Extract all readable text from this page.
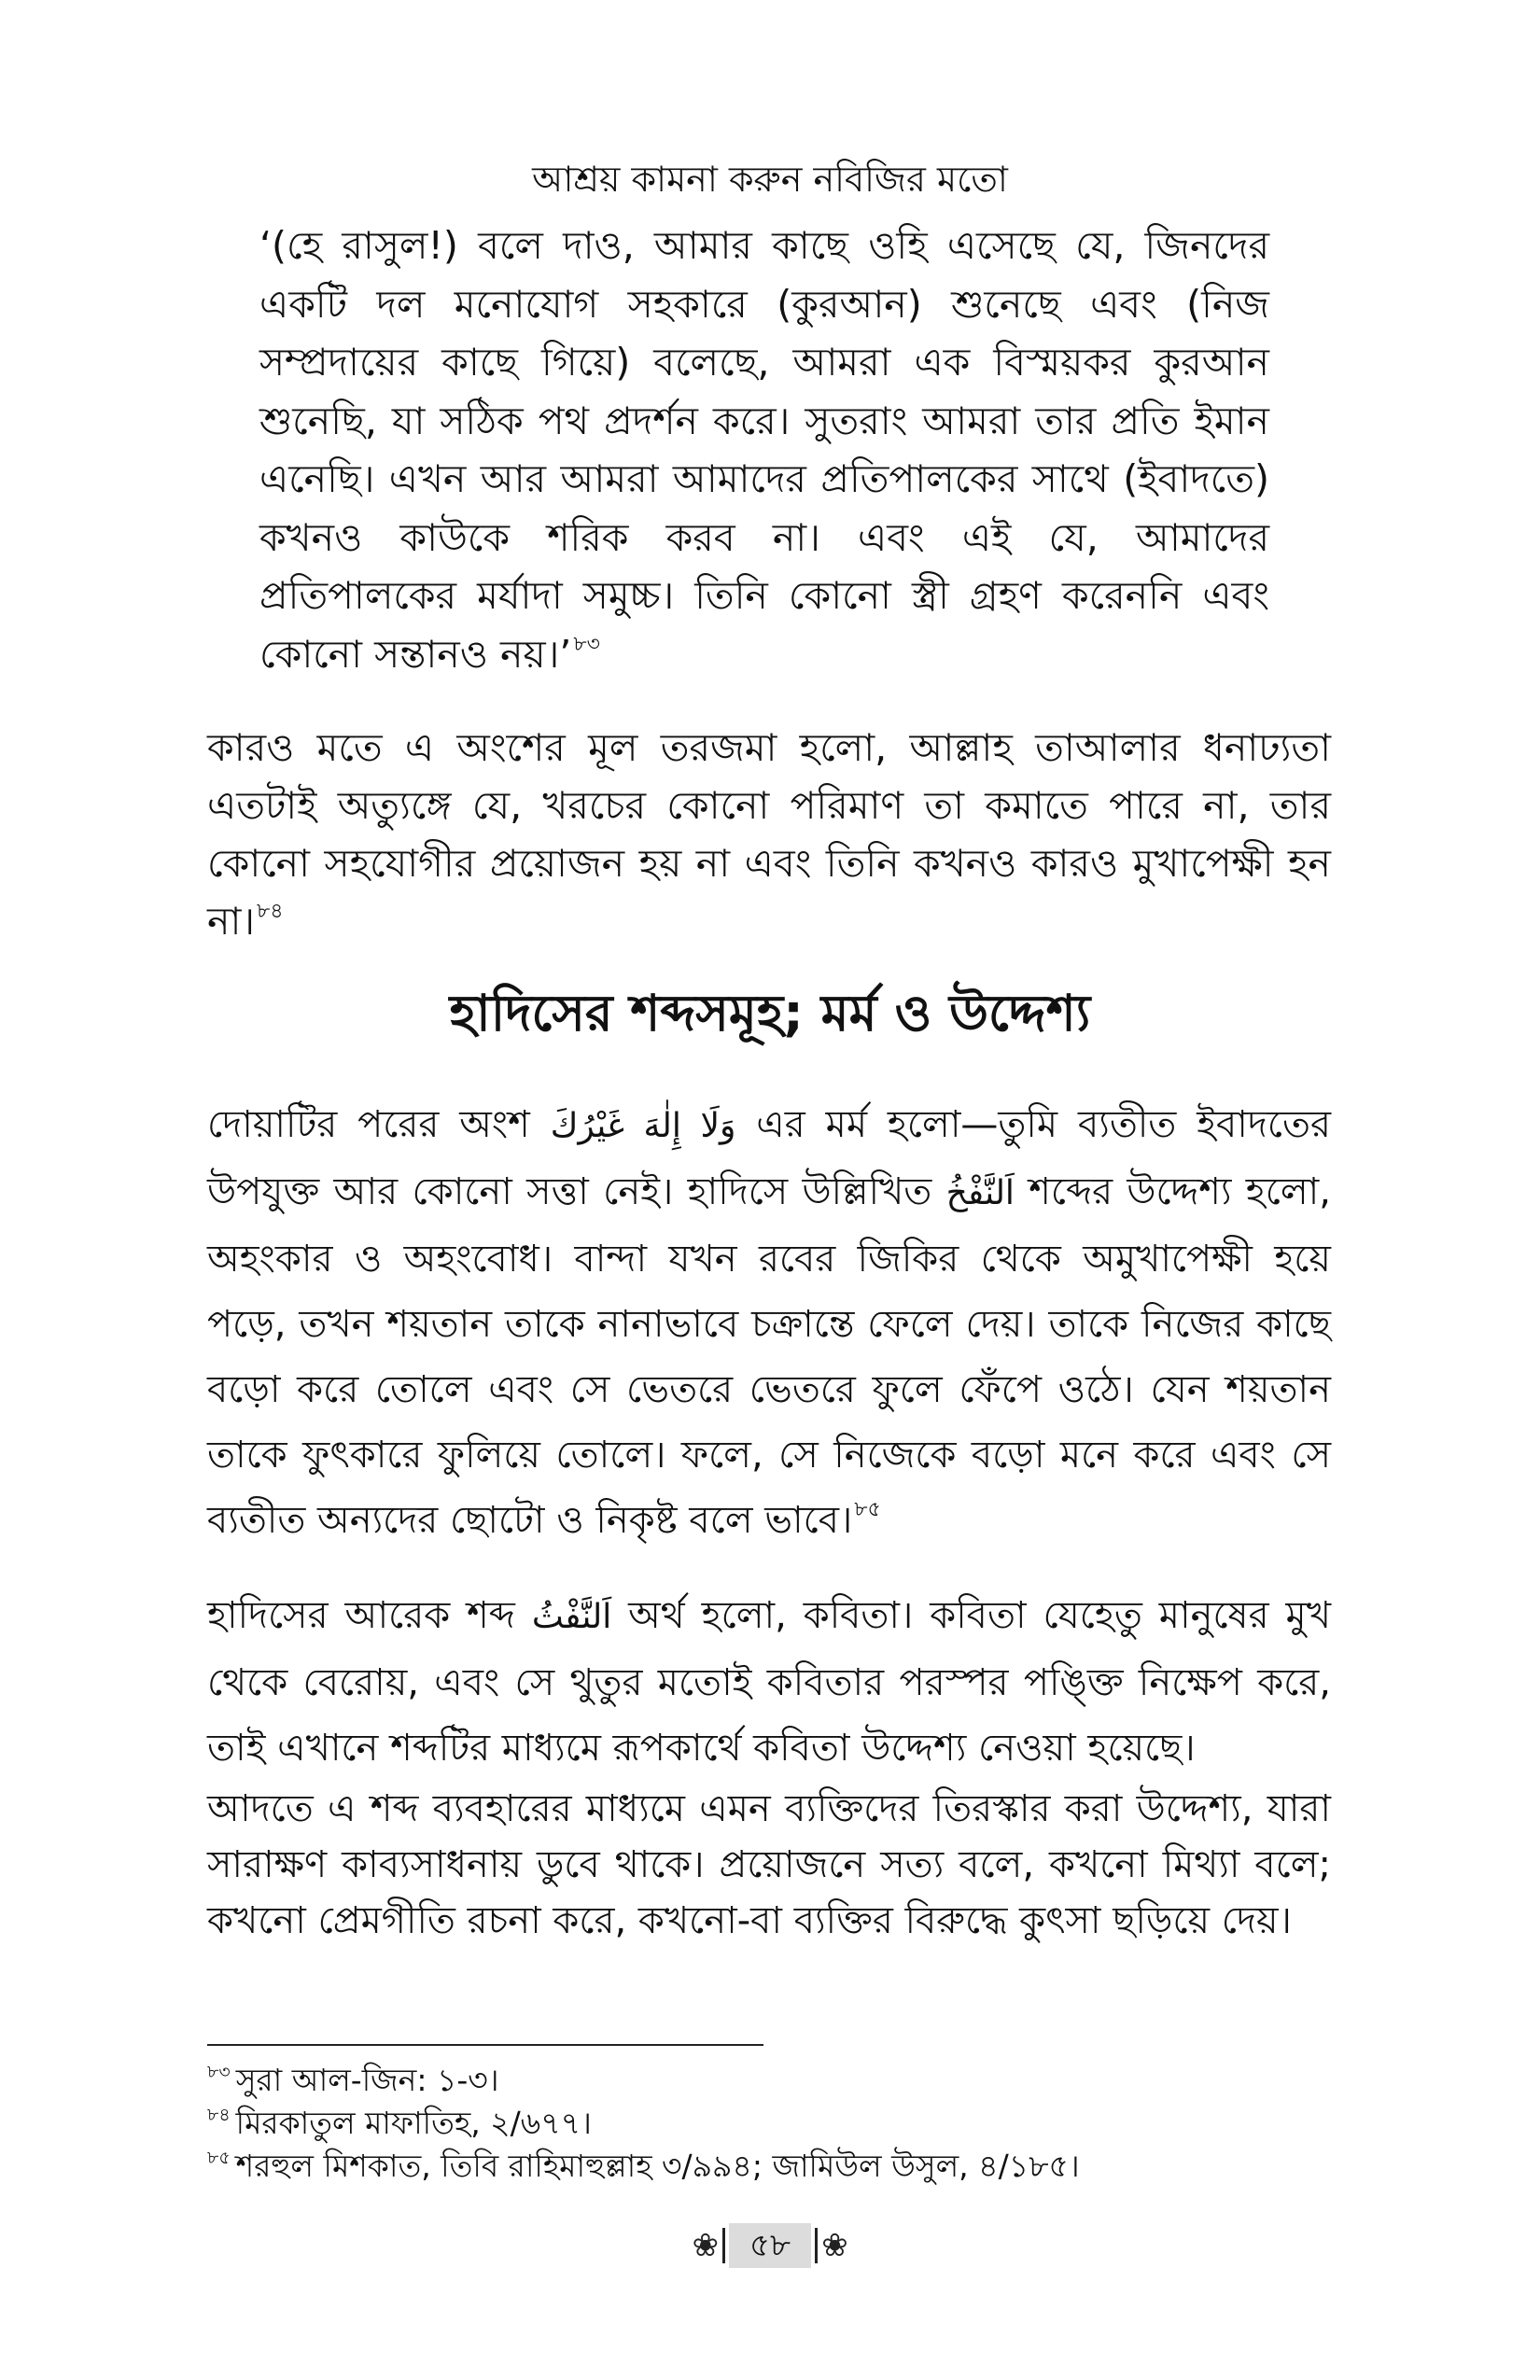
আশ্রয় কামনা করুন নবিজির মতো
‘(হে রাসুল!) বলে দাও, আমার কাছে ওহি এসেছে যে, জিনদের একটি দল মনোযোগ সহকারে (কুরআন) শুনেছে এবং (নিজ সম্প্রদায়ের কাছে গিয়ে) বলেছে, আমরা এক বিস্ময়কর কুরআন শুনেছি, যা সঠিক পথ প্রদর্শন করে। সুতরাং আমরা তার প্রতি ইমান এনেছি। এখন আর আমরা আমাদের প্রতিপালকের সাথে (ইবাদতে) কখনও কাউকে শরিক করব না। এবং এই যে, আমাদের প্রতিপালকের মর্যাদা সমুচ্চ। তিনি কোনো স্ত্রী গ্রহণ করেননি এবং কোনো সন্তানও নয়।’$^{৮৩}$
কারও মতে এ অংশের মূল তরজমা হলো, আল্লাহ তাআলার ধনাঢ্যতা এতটাই অত্যুঙ্গে যে, খরচের কোনো পরিমাণ তা কমাতে পারে না, তার কোনো সহযোগীর প্রয়োজন হয় না এবং তিনি কখনও কারও মুখাপেক্ষী হন না।$^{৮৪}$
হাদিসের শব্দসমূহ; মর্ম ও উদ্দেশ্য
দোয়াটির পরের অংশ وَلَا إِلٰهَ غَيْرُكَ এর মর্ম হলো—তুমি ব্যতীত ইবাদতের উপযুক্ত আর কোনো সত্তা নেই। হাদিসে উল্লিখিত اَلنَّفْخُ শব্দের উদ্দেশ্য হলো, অহংকার ও অহংবোধ। বান্দা যখন রবের জিকির থেকে অমুখাপেক্ষী হয়ে পড়ে, তখন শয়তান তাকে নানাভাবে চক্রান্তে ফেলে দেয়। তাকে নিজের কাছে বড়ো করে তোলে এবং সে ভেতরে ভেতরে ফুলে ফেঁপে ওঠে। যেন শয়তান তাকে ফুৎকারে ফুলিয়ে তোলে। ফলে, সে নিজেকে বড়ো মনে করে এবং সে ব্যতীত অন্যদের ছোটো ও নিকৃষ্ট বলে ভাবে।$^{৮৫}$
হাদিসের আরেক শব্দ اَلنَّفْثُ অর্থ হলো, কবিতা। কবিতা যেহেতু মানুষের মুখ থেকে বেরোয়, এবং সে থুতুর মতোই কবিতার পরস্পর পঙ্ক্তি নিক্ষেপ করে, তাই এখানে শব্দটির মাধ্যমে রূপকার্থে কবিতা উদ্দেশ্য নেওয়া হয়েছে।
আদতে এ শব্দ ব্যবহারের মাধ্যমে এমন ব্যক্তিদের তিরস্কার করা উদ্দেশ্য, যারা সারাক্ষণ কাব্যসাধনায় ডুবে থাকে। প্রয়োজনে সত্য বলে, কখনো মিথ্যা বলে; কখনো প্রেমগীতি রচনা করে, কখনো-বা ব্যক্তির বিরুদ্ধে কুৎসা ছড়িয়ে দেয়।
$^{৮৩}$ সুরা আল-জিন: ১-৩।
$^{৮৪}$ মিরকাতুল মাফাতিহ, ২/৬৭৭।
$^{৮৫}$ শরহুল মিশকাত, তিবি রাহিমাহুল্লাহ ৩/৯৯৪; জামিউল উসুল, ৪/১৮৫।
❀ ৫৮ ❀
